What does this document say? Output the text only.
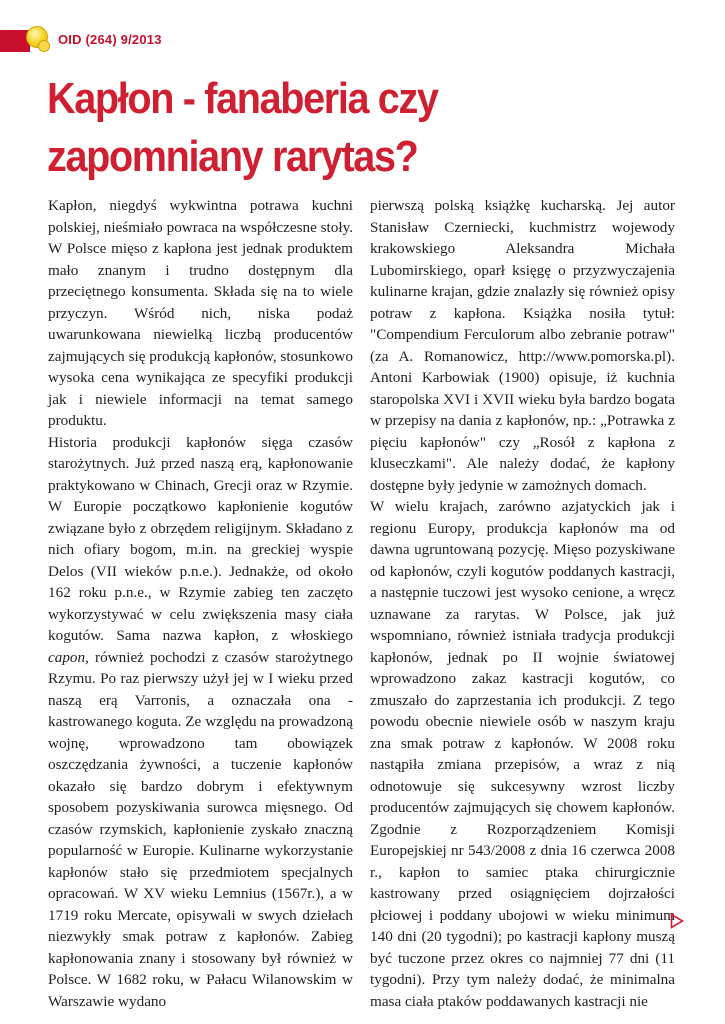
OID (264) 9/2013
Kapłon - fanaberia czy
zapomniany rarytas?

Kapłon, niegdyś wykwintna potrawa kuchni polskiej, nieśmiało powraca na współczesne stoły. W Polsce mięso z kapłona jest jednak produktem mało znanym i trudno dostępnym dla przeciętnego konsumenta. Składa się na to wiele przyczyn. Wśród nich, niska podaż uwarunkowana niewielką liczbą producentów zajmujących się produkcją kapłonów, stosunkowo wysoka cena wynikająca ze specyfiki produkcji jak i niewiele informacji na temat samego produktu.

Historia produkcji kapłonów sięga czasów starożytnych. Już przed naszą erą, kapłonowanie praktykowano w Chinach, Grecji oraz w Rzymie. W Europie początkowo kapłonienie kogutów związane było z obrzędem religijnym. Składano z nich ofiary bogom, m.in. na greckiej wyspie Delos (VII wieków p.n.e.). Jednakże, od około 162 roku p.n.e., w Rzymie zabieg ten zaczęto wykorzystywać w celu zwiększenia masy ciała kogutów. Sama nazwa kapłon, z włoskiego capon, również pochodzi z czasów starożytnego Rzymu. Po raz pierwszy użył jej w I wieku przed naszą erą Varronis, a oznaczała ona - kastrowanego koguta. Ze względu na prowadzoną wojnę, wprowadzono tam obowiązek oszczędzania żywności, a tuczenie kapłonów okazało się bardzo dobrym i efektywnym sposobem pozyskiwania surowca mięsnego. Od czasów rzymskich, kapłonienie zyskało znaczną popularność w Europie. Kulinarne wykorzystanie kapłonów stało się przedmiotem specjalnych opracowań. W XV wieku Lemnius (1567r.), a w 1719 roku Mercate, opisywali w swych dziełach niezwykły smak potraw z kapłonów. Zabieg kapłonowania znany i stosowany był również w Polsce. W 1682 roku, w Pałacu Wilanowskim w Warszawie wydano

pierwszą polską książkę kucharską. Jej autor Stanisław Czerniecki, kuchmistrz wojewody krakowskiego Aleksandra Michała Lubomirskiego, oparł księgę o przyzwyczajenia kulinarne krajan, gdzie znalazły się również opisy potraw z kapłona. Książka nosiła tytuł: "Compendium Ferculorum albo zebranie potraw" (za A. Romanowicz, http://www.pomorska.pl). Antoni Karbowiak (1900) opisuje, iż kuchnia staropolska XVI i XVII wieku była bardzo bogata w przepisy na dania z kapłonów, np.: „Potrawka z pięciu kapłonów" czy „Rosół z kapłona z kluseczkami". Ale należy dodać, że kapłony dostępne były jedynie w zamożnych domach.

W wielu krajach, zarówno azjatyckich jak i regionu Europy, produkcja kapłonów ma od dawna ugruntowaną pozycję. Mięso pozyskiwane od kapłonów, czyli kogutów poddanych kastracji, a następnie tuczowi jest wysoko cenione, a wręcz uznawane za rarytas. W Polsce, jak już wspomniano, również istniała tradycja produkcji kapłonów, jednak po II wojnie światowej wprowadzono zakaz kastracji kogutów, co zmuszało do zaprzestania ich produkcji. Z tego powodu obecnie niewiele osób w naszym kraju zna smak potraw z kapłonów. W 2008 roku nastąpiła zmiana przepisów, a wraz z nią odnotowuje się sukcesywny wzrost liczby producentów zajmujących się chowem kapłonów. Zgodnie z Rozporządzeniem Komisji Europejskiej nr 543/2008 z dnia 16 czerwca 2008 r., kapłon to samiec ptaka chirurgicznie kastrowany przed osiągnięciem dojrzałości płciowej i poddany ubojowi w wieku minimum 140 dni (20 tygodni); po kastracji kapłony muszą być tuczone przez okres co najmniej 77 dni (11 tygodni). Przy tym należy dodać, że minimalna masa ciała ptaków poddawanych kastracji nie
